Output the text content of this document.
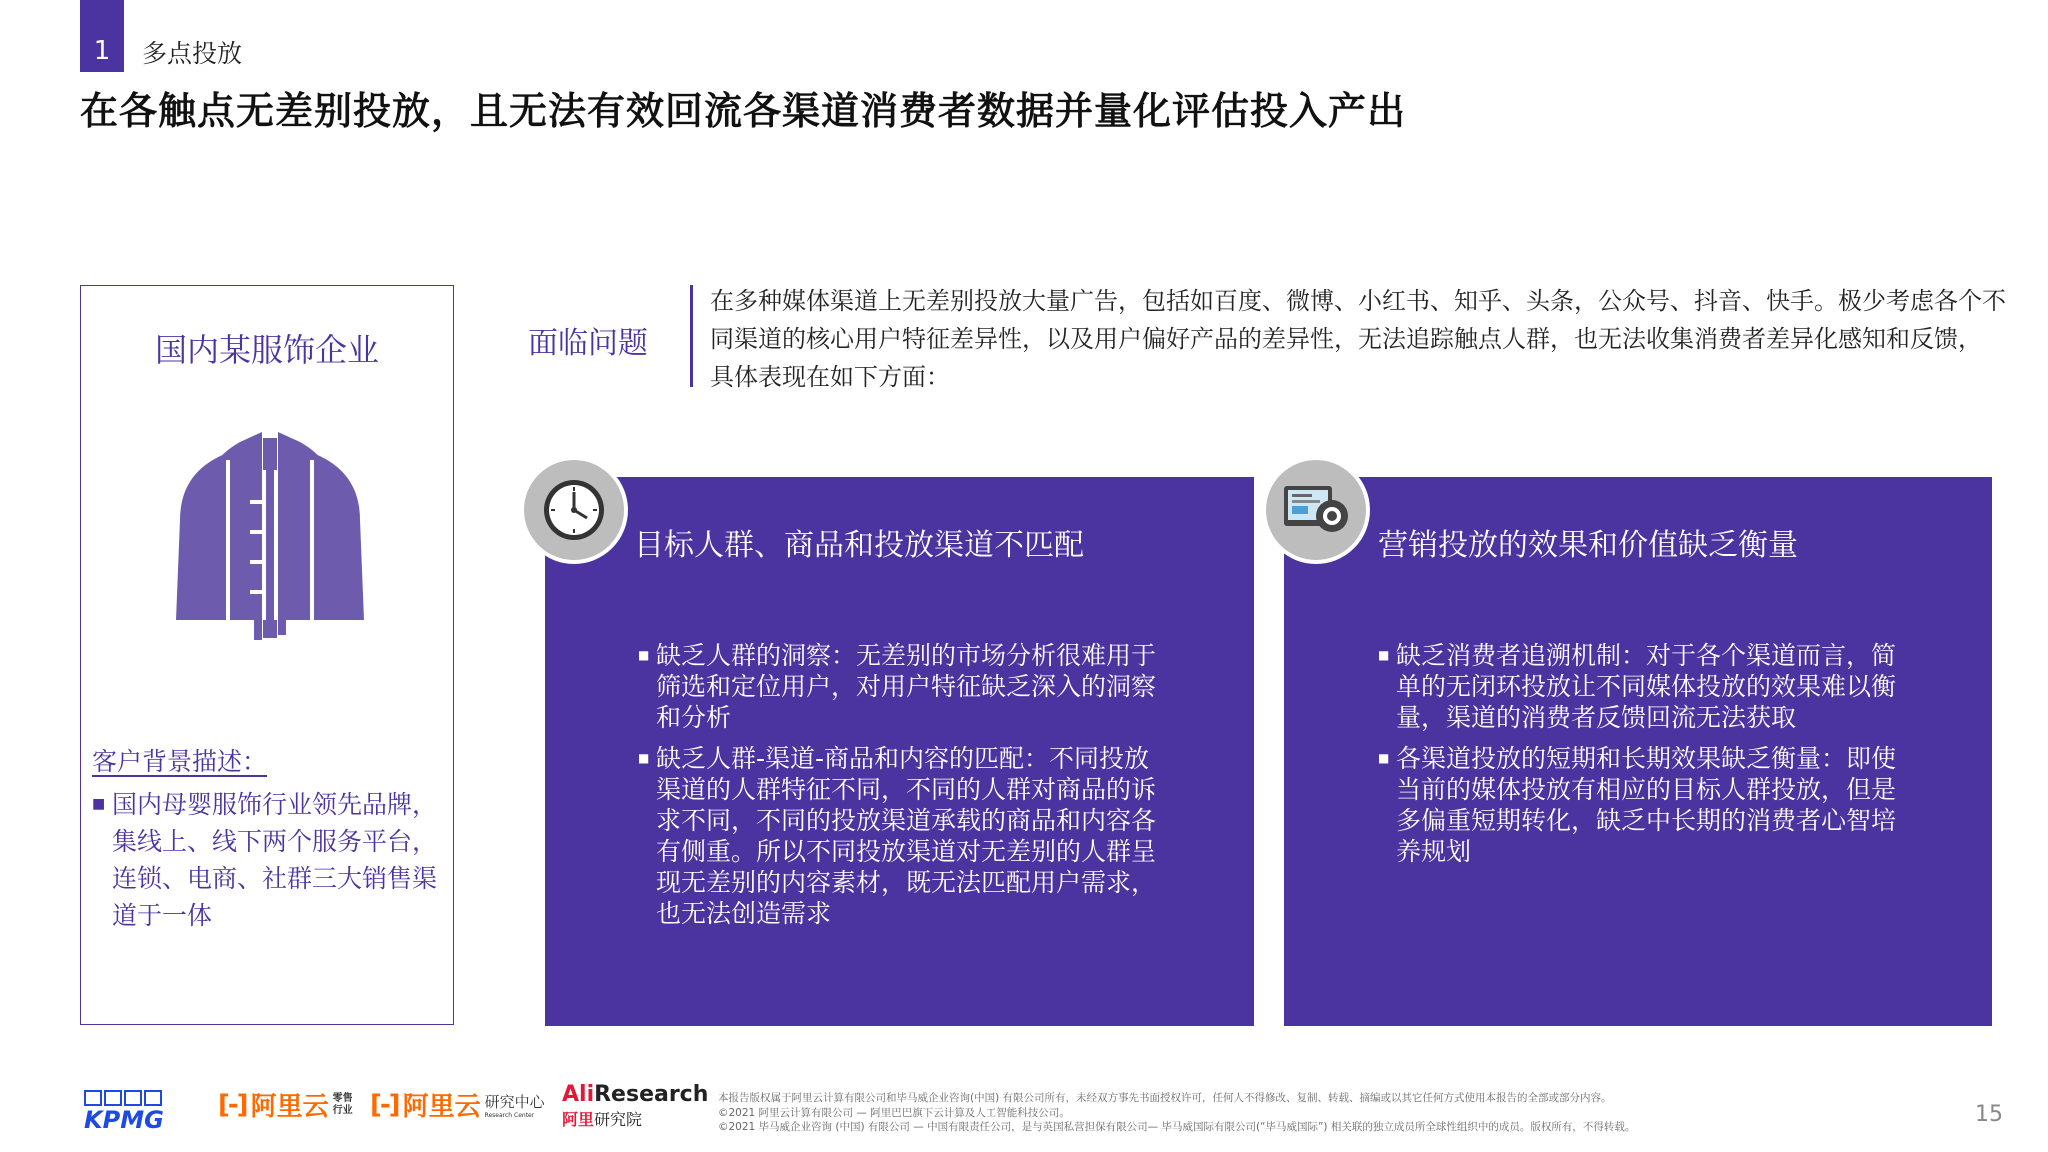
1	多点投放
在各触点无差别投放，且无法有效回流各渠道消费者数据并量化评估投入产出
国内某服饰企业
客户背景描述：
■ 国内母婴服饰行业领先品牌，集线上、线下两个服务平台，连锁、电商、社群三大销售渠道于一体
面临问题
在多种媒体渠道上无差别投放大量广告，包括如百度、微博、小红书、知乎、头条，公众号、抖音、快手。极少考虑各个不同渠道的核心用户特征差异性，以及用户偏好产品的差异性，无法追踪触点人群，也无法收集消费者差异化感知和反馈， 具体表现在如下方面：
目标人群、商品和投放渠道不匹配
■ 缺乏人群的洞察：无差别的市场分析很难用于筛选和定位用户，对用户特征缺乏深入的洞察和分析
■ 缺乏人群-渠道-商品和内容的匹配：不同投放渠道的人群特征不同，不同的人群对商品的诉求不同，不同的投放渠道承载的商品和内容各有侧重。所以不同投放渠道对无差别的人群呈现无差别的内容素材，既无法匹配用户需求，也无法创造需求
营销投放的效果和价值缺乏衡量
■ 缺乏消费者追溯机制：对于各个渠道而言，简单的无闭环投放让不同媒体投放的效果难以衡量，渠道的消费者反馈回流无法获取
■ 各渠道投放的短期和长期效果缺乏衡量：即使当前的媒体投放有相应的目标人群投放，但是多偏重短期转化，缺乏中长期的消费者心智培养规划
KPMG
[-] 阿里云 零售
行业 [-] 阿里云 研究中心
Research Center
AliResearch
阿里研究院
本报告版权属于阿里云计算有限公司和毕马威企业咨询(中国) 有限公司所有，未经双方事先书面授权许可，任何人不得修改、复制、转载、摘编或以其它任何方式使用本报告的全部或部分内容。
©2021 阿里云计算有限公司 — 阿里巴巴旗下云计算及人工智能科技公司。
©2021 毕马威企业咨询 (中国) 有限公司 — 中国有限责任公司，是与英国私营担保有限公司— 毕马威国际有限公司(“毕马威国际”) 相关联的独立成员所全球性组织中的成员。版权所有，不得转载。	15
